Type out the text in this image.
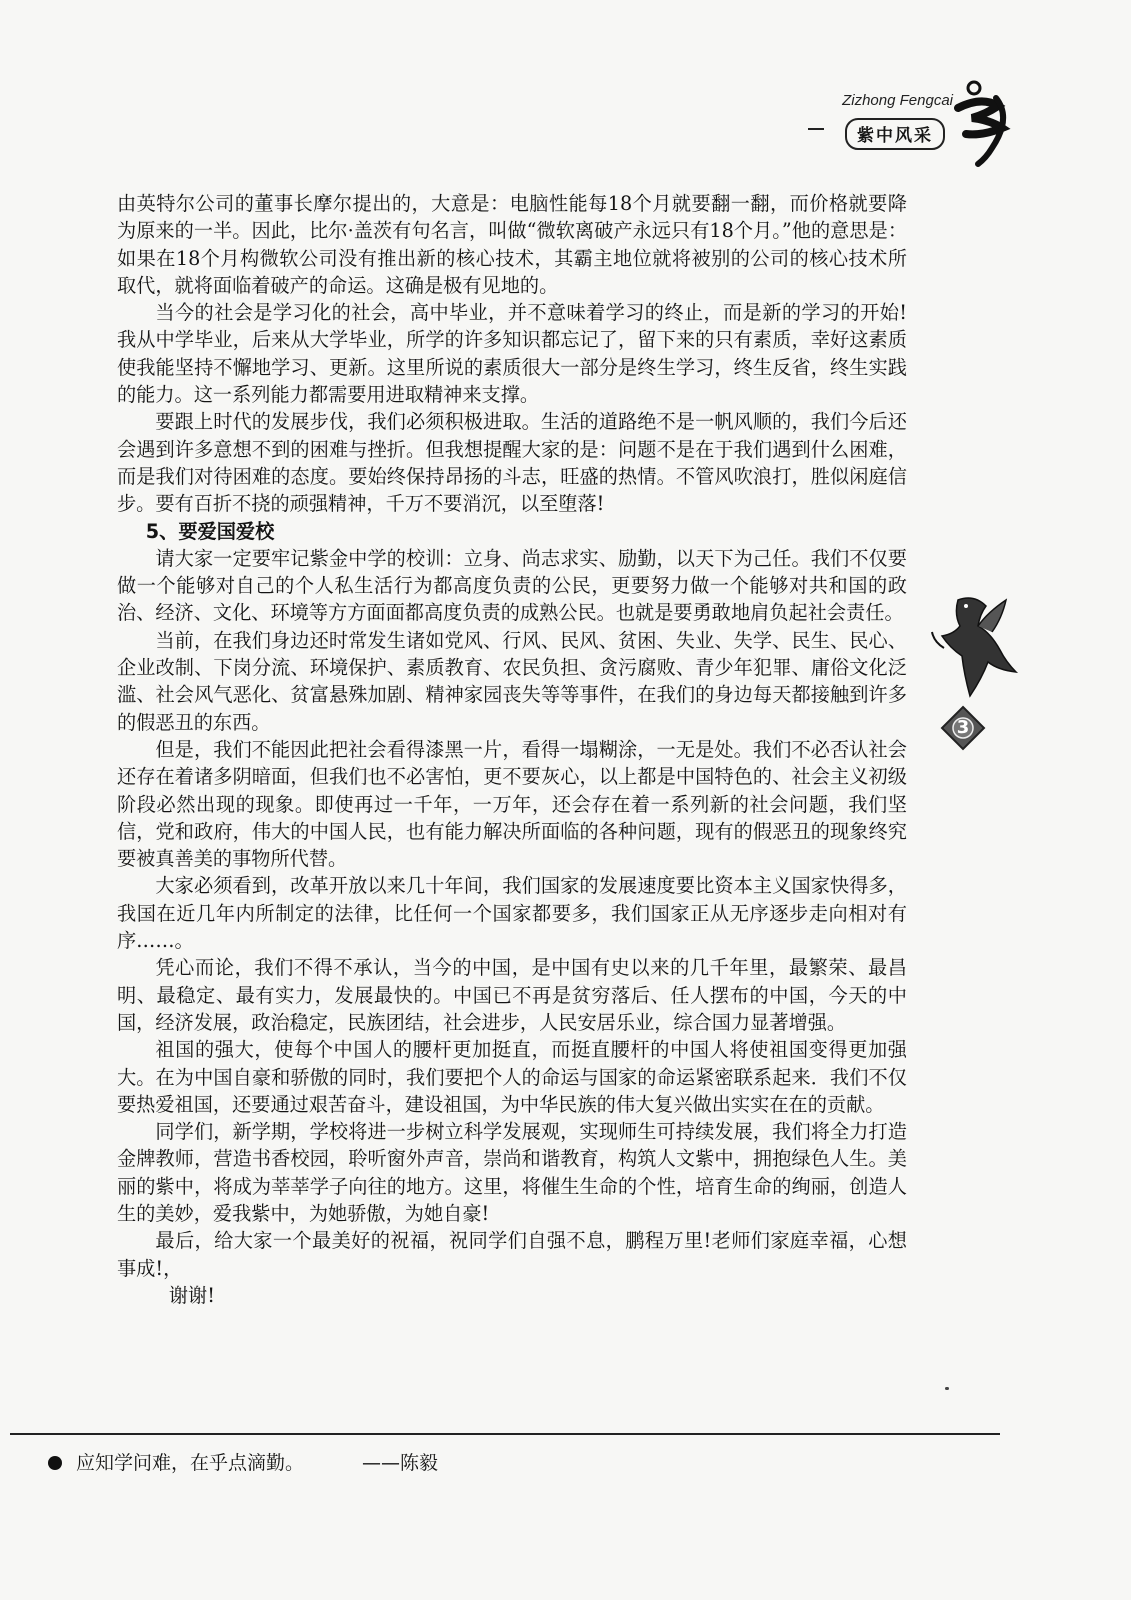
Zizhong Fengcai
紫中风采

由英特尔公司的董事长摩尔提出的，大意是：电脑性能每18个月就要翻一翻，而价格就要降为原来的一半。因此，比尔·盖茨有句名言，叫做“微软离破产永远只有18个月。”他的意思是：如果在18个月构微软公司没有推出新的核心技术，其霸主地位就将被别的公司的核心技术所取代，就将面临着破产的命运。这确是极有见地的。

当今的社会是学习化的社会，高中毕业，并不意味着学习的终止，而是新的学习的开始!我从中学毕业，后来从大学毕业，所学的许多知识都忘记了，留下来的只有素质，幸好这素质使我能坚持不懈地学习、更新。这里所说的素质很大一部分是终生学习，终生反省，终生实践的能力。这一系列能力都需要用进取精神来支撑。

要跟上时代的发展步伐，我们必须积极进取。生活的道路绝不是一帆风顺的，我们今后还会遇到许多意想不到的困难与挫折。但我想提醒大家的是：问题不是在于我们遇到什么困难，而是我们对待困难的态度。要始终保持昂扬的斗志，旺盛的热情。不管风吹浪打，胜似闲庭信步。要有百折不挠的顽强精神，千万不要消沉，以至堕落!

5、要爱国爱校

请大家一定要牢记紫金中学的校训：立身、尚志求实、励勤，以天下为己任。我们不仅要做一个能够对自己的个人私生活行为都高度负责的公民，更要努力做一个能够对共和国的政治、经济、文化、环境等方方面面都高度负责的成熟公民。也就是要勇敢地肩负起社会责任。

当前，在我们身边还时常发生诸如党风、行风、民风、贫困、失业、失学、民生、民心、企业改制、下岗分流、环境保护、素质教育、农民负担、贪污腐败、青少年犯罪、庸俗文化泛滥、社会风气恶化、贫富悬殊加剧、精神家园丧失等等事件，在我们的身边每天都接触到许多的假恶丑的东西。

但是，我们不能因此把社会看得漆黑一片，看得一塌糊涂，一无是处。我们不必否认社会还存在着诸多阴暗面，但我们也不必害怕，更不要灰心，以上都是中国特色的、社会主义初级阶段必然出现的现象。即使再过一千年，一万年，还会存在着一系列新的社会问题，我们坚信，党和政府，伟大的中国人民，也有能力解决所面临的各种问题，现有的假恶丑的现象终究要被真善美的事物所代替。

大家必须看到，改革开放以来几十年间，我们国家的发展速度要比资本主义国家快得多，我国在近几年内所制定的法律，比任何一个国家都要多，我们国家正从无序逐步走向相对有序……。

凭心而论，我们不得不承认，当今的中国，是中国有史以来的几千年里，最繁荣、最昌明、最稳定、最有实力，发展最快的。中国已不再是贫穷落后、任人摆布的中国，今天的中国，经济发展，政治稳定，民族团结，社会进步，人民安居乐业，综合国力显著增强。

祖国的强大，使每个中国人的腰杆更加挺直，而挺直腰杆的中国人将使祖国变得更加强大。在为中国自豪和骄傲的同时，我们要把个人的命运与国家的命运紧密联系起来．我们不仅要热爱祖国，还要通过艰苦奋斗，建设祖国，为中华民族的伟大复兴做出实实在在的贡献。

同学们，新学期，学校将进一步树立科学发展观，实现师生可持续发展，我们将全力打造金牌教师，营造书香校园，聆听窗外声音，崇尚和谐教育，构筑人文紫中，拥抱绿色人生。美丽的紫中，将成为莘莘学子向往的地方。这里，将催生生命的个性，培育生命的绚丽，创造人生的美妙，爱我紫中，为她骄傲，为她自豪!

最后，给大家一个最美好的祝福，祝同学们自强不息，鹏程万里!老师们家庭幸福，心想事成!，

谢谢!

3
应知学问难，在乎点滴勤。	——陈毅
